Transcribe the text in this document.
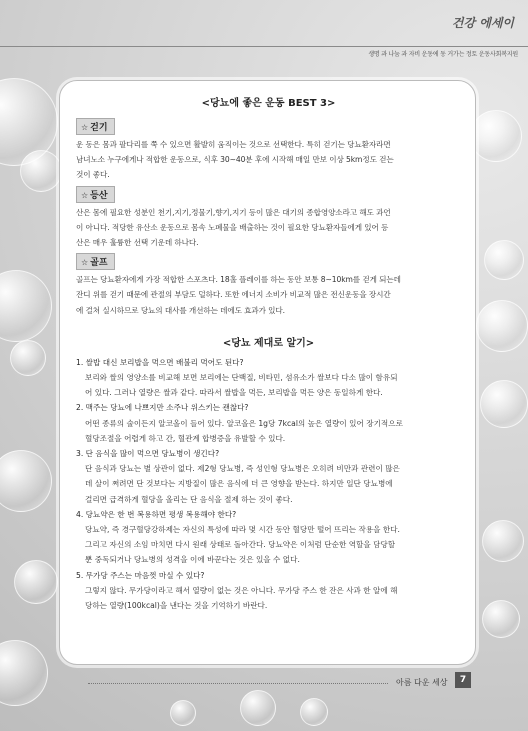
건강 에세이
생명 과 나눔 과 자비 운동에 동 거가는 정토 운동사회복지원
<당뇨에 좋은 운동 BEST 3>
☆ 걷기

운 동은 몸과 팔다리를 쭉 수 있으면 활발히 움직이는 것으로 선택한다. 특히 걷기는 당뇨환자라면

남녀노소 누구에게나 적합한 운동으로, 식후 30~40분 후에 시작해 매일 만보 이상 5km정도 걷는

것이 좋다.

☆ 등산

산은 몸에 필요한 성분인 천기,지기,정물기,향기,지기 등이 많은 대기의 종합영양소라고 해도 과언

이 아니다. 적당한 유산소 운동으로 몸속 노폐물을 배출하는 것이 필요한 당뇨환자들에게 있어 등

산은 매우 훌륭한 선택 기운데 하나다.

☆ 골프

골프는 당뇨환자에게 가장 적합한 스포츠다. 18홀 플레이를 하는 동안 보통 8~10km를 걷게 되는데

잔디 위를 걷기 때문에 관절의 부담도 덜하다. 또한 에너지 소비가 비교적 많은 전신운동을 장시간

에 걸쳐 실시하므로 당뇨의 대사를 개선하는 데에도 효과가 있다.

<당뇨 제대로 알기>

1. 쌀밥 대신 보리밥을 먹으면 배불리 먹어도 된다?

보리와 쌀의 영양소를 비교해 보면 보리에는 단백질, 비타민, 섬유소가 쌀보다 다소 많이 함유되

어 있다. 그러나 열량은 쌀과 같다. 따라서 쌀밥을 먹든, 보리밥을 먹든 양은 동일하게 한다.

2. 맥주는 당뇨에 나쁘지만 소주나 위스키는 괜찮다?

어떤 종류의 술이든지 알코올이 들어 있다. 알코올은 1g당 7kcal의 높은 열량이 있어 장기적으로

혈당조절을 어렵게 하고 간, 혈관계 합병증을 유발할 수 있다.

3. 단 음식을 많이 먹으면 당뇨병이 생긴다?

단 음식과 당뇨는 별 상관이 없다. 제2형 당뇨병, 즉 성인형 당뇨병은 오히려 비만과 관련이 많은

데 살이 쩌려면 단 것보다는 지방질이 많은 음식에 더 큰 영향을 받는다. 하지만 일단 당뇨병에

걸리면 급격하게 혈당을 올리는 단 음식을 절제 하는 것이 좋다.

4. 당뇨약은 한 번 복용하면 평생 복용해야 한다?

당뇨약, 즉 경구혈당강하제는 자신의 특성에 따라 몇 시간 동안 혈당만 떨어 뜨리는 작용을 한다.

그리고 자신의 소임 마치면 다시 원래 상태로 돌아간다. 당뇨약은 이처럼 단순한 역할을 담당할

뿐 중독되거나 당뇨병의 성격을 이에 바꾼다는 것은 있을 수 없다.

5. 무가당 주스는 마음껏 마실 수 있다?

그렇지 않다. 무가당이라고 해서 열량이 없는 것은 아니다. 무가당 주스 한 잔은 사과 한 알에 해

당하는 열량(100kcal)을 낸다는 것을 기억하기 바란다.

아름 다운 세상	7
